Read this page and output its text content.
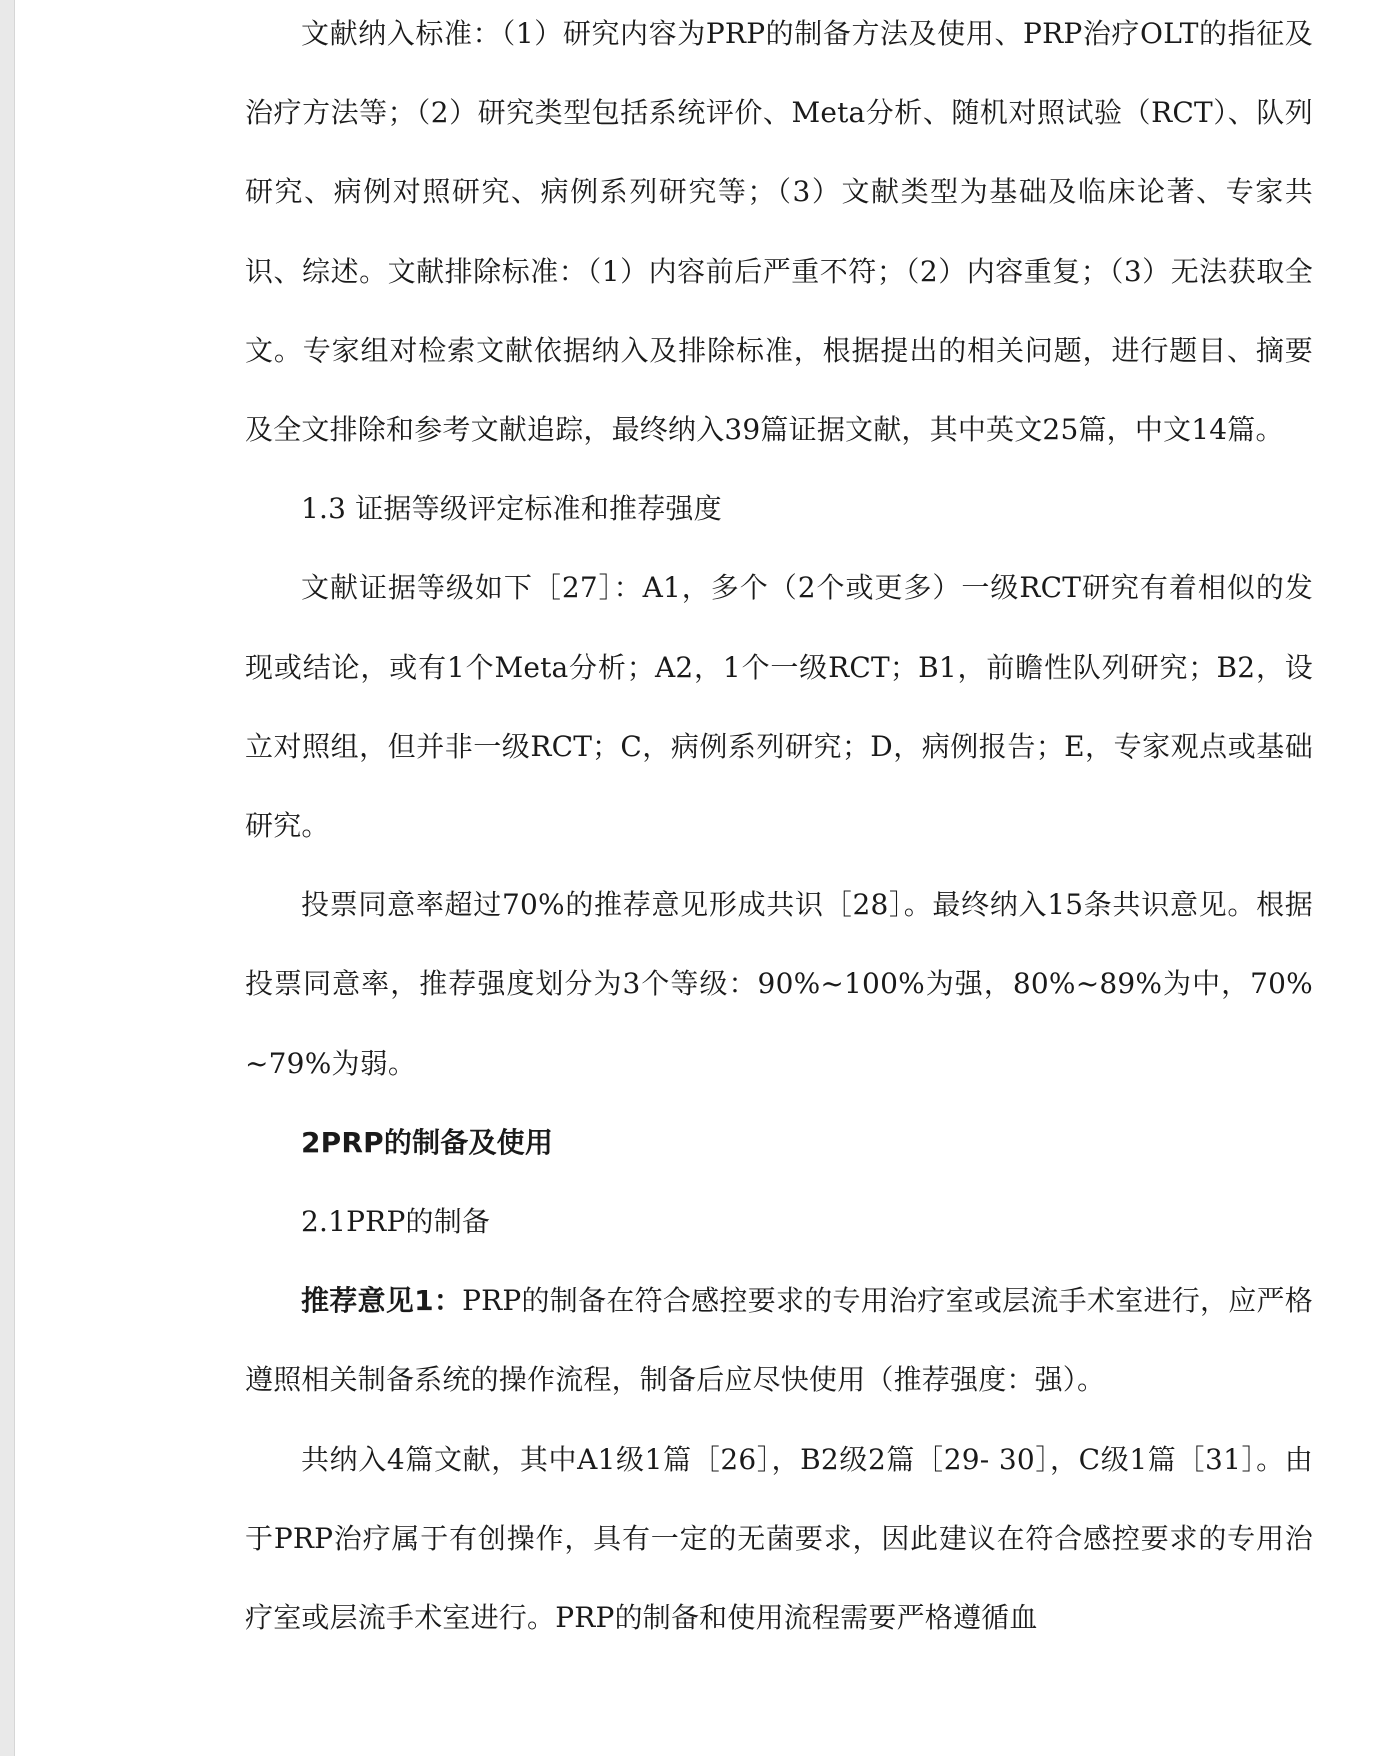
文献纳入标准：（1）研究内容为PRP的制备方法及使用、PRP治疗OLT的指征及治疗方法等；（2）研究类型包括系统评价、Meta分析、随机对照试验（RCT）、队列研究、病例对照研究、病例系列研究等；（3）文献类型为基础及临床论著、专家共识、综述。文献排除标准：（1）内容前后严重不符；（2）内容重复；（3）无法获取全文。专家组对检索文献依据纳入及排除标准，根据提出的相关问题，进行题目、摘要及全文排除和参考文献追踪，最终纳入39篇证据文献，其中英文25篇，中文14篇。

1.3 证据等级评定标准和推荐强度

文献证据等级如下［27］：A1，多个（2个或更多）一级RCT研究有着相似的发现或结论，或有1个Meta分析；A2，1个一级RCT；B1，前瞻性队列研究；B2，设立对照组，但并非一级RCT；C，病例系列研究；D，病例报告；E，专家观点或基础研究。

投票同意率超过70%的推荐意见形成共识［28］。最终纳入15条共识意见。根据投票同意率，推荐强度划分为3个等级：90%~100%为强，80%~89%为中，70%~79%为弱。

2PRP的制备及使用

2.1PRP的制备

推荐意见1：PRP的制备在符合感控要求的专用治疗室或层流手术室进行，应严格遵照相关制备系统的操作流程，制备后应尽快使用（推荐强度：强）。

共纳入4篇文献，其中A1级1篇［26］，B2级2篇［29- 30］，C级1篇［31］。由于PRP治疗属于有创操作，具有一定的无菌要求，因此建议在符合感控要求的专用治疗室或层流手术室进行。PRP的制备和使用流程需要严格遵循血
